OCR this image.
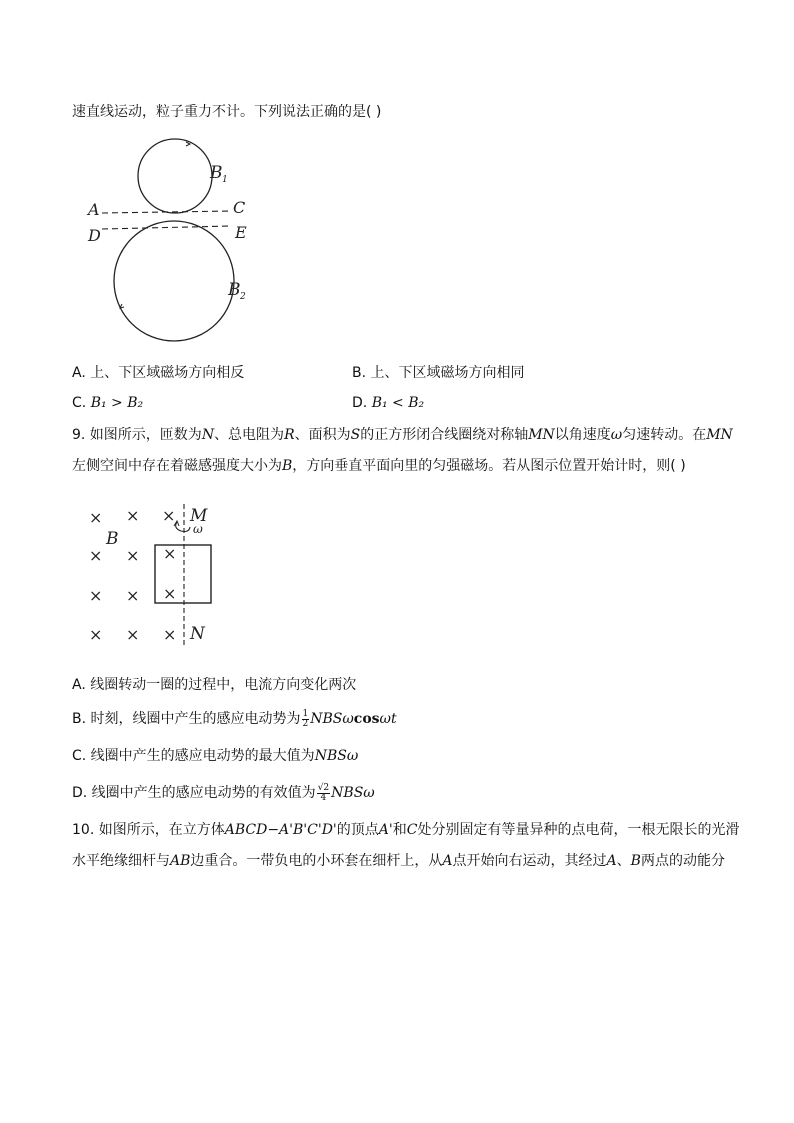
速直线运动，粒子重力不计。下列说法正确的是( )
B 1
A	C
D	E
B 2
A. 上、下区域磁场方向相反	B. 上、下区域磁场方向相同
C. B₁ > B₂	D. B₁ < B₂
9. 如图所示，匝数为N、总电阻为R、面积为S的正方形闭合线圈绕对称轴MN以角速度ω匀速转动。在MN
左侧空间中存在着磁感强度大小为B，方向垂直平面向里的匀强磁场。若从图示位置开始计时，则( )
× × ×
B
× × ×
× × ×
× × ×
M
ω
N
A. 线圈转动一圈的过程中，电流方向变化两次
B. 时刻，线圈中产生的感应电动势为 $\frac{1}{2}$ NBSωcosωt
C. 线圈中产生的感应电动势的最大值为NBSω
D. 线圈中产生的感应电动势的有效值为 $\frac{√2}{4}$ NBSω
10. 如图所示，在立方体ABCD−A'B'C'D'的顶点A'和C处分别固定有等量异种的点电荷，一根无限长的光滑
水平绝缘细杆与AB边重合。一带负电的小环套在细杆上，从A点开始向右运动，其经过A、B两点的动能分
